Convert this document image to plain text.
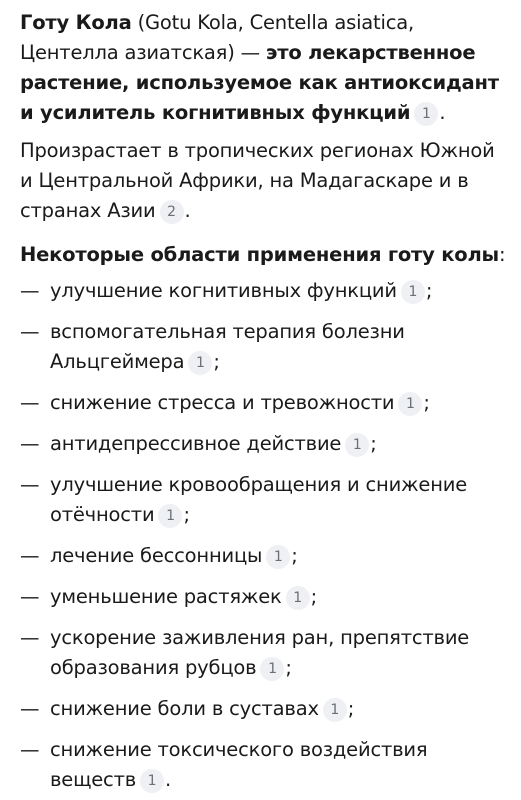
Готу Кола (Gotu Kola, Centella asiatica, Центелла азиатская) — это лекарственное растение, используемое как антиоксидант и усилитель когнитивных функций 1 .

Произрастает в тропических регионах Южной и Центральной Африки, на Мадагаскаре и в странах Азии 2 .

Некоторые области применения готу колы:

— улучшение когнитивных функций 1 ;
— вспомогательная терапия болезни Альцгеймера 1 ;
— снижение стресса и тревожности 1 ;
— антидепрессивное действие 1 ;
— улучшение кровообращения и снижение отёчности 1 ;
— лечение бессонницы 1 ;
— уменьшение растяжек 1 ;
— ускорение заживления ран, препятствие образования рубцов 1 ;
— снижение боли в суставах 1 ;
— снижение токсического воздействия веществ 1 .
